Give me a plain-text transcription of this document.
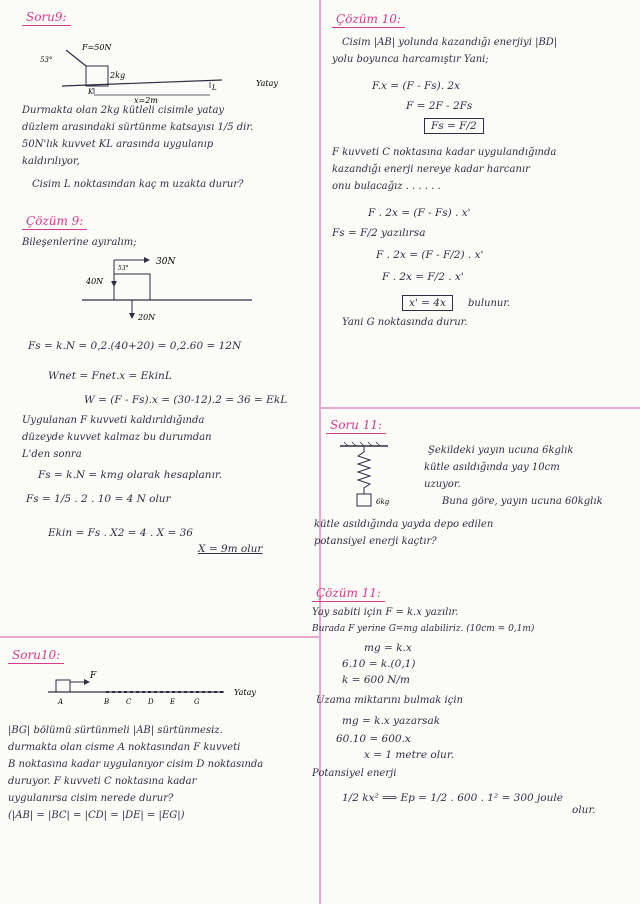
Soru9:
F=50N
53°
2kg
K	L
x=2m
Yatay
Durmakta olan 2kg kütleli cisimle yatay
düzlem arasındaki sürtünme katsayısı 1/5 dir.
50N'lık kuvvet KL arasında uygulanıp
kaldırılıyor,
Cisim L noktasından kaç m uzakta durur?
Çözüm 9:
Bileşenlerine ayıralım;
30N
40N
53°
20N
Fs = k.N = 0,2.(40+20) = 0,2.60 = 12N
Wnet = Fnet.x = EkinL
W = (F - Fs).x = (30-12).2 = 36 = EkL
Uygulanan F kuvveti kaldırıldığında
düzeyde kuvvet kalmaz bu durumdan
L'den sonra
Fs = k.N = kmg olarak hesaplanır.
Fs = 1/5 . 2 . 10 = 4 N olur
Ekin = Fs . X2 = 4 . X = 36
X = 9m olur
Soru10:
F
A	B C D E	G
Yatay
|BG| bölümü sürtünmeli |AB| sürtünmesiz.
durmakta olan cisme A noktasından F kuvveti
B noktasına kadar uygulanıyor cisim D noktasında
duruyor. F kuvveti C noktasına kadar
uygulanırsa cisim nerede durur?
(|AB| = |BC| = |CD| = |DE| = |EG|)
Çözüm 10:
Cisim |AB| yolunda kazandığı enerjiyi |BD|
yolu boyunca harcamıştır Yani;
F.x = (F - Fs). 2x
F = 2F - 2Fs
Fs = F/2
F kuvveti C noktasına kadar uygulandığında
kazandığı enerji nereye kadar harcanır
onu bulacağız . . . . . .
F . 2x = (F - Fs) . x'
Fs = F/2 yazılırsa
F . 2x = (F - F/2) . x'
F . 2x = F/2 . x'
x' = 4x bulunur.
Yani G noktasında durur.
Soru 11:
6kg
Şekildeki yayın ucuna 6kglık
kütle asıldığında yay 10cm
uzuyor.
Buna göre, yayın ucuna 60kglık
kütle asıldığında yayda depo edilen
potansiyel enerji kaçtır?
Çözüm 11:
Yay sabiti için F = k.x yazılır.
Burada F yerine G=mg alabiliriz. (10cm = 0,1m)
mg = k.x
6.10 = k.(0,1)
k = 600 N/m
Uzama miktarını bulmak için
mg = k.x yazarsak
60.10 = 600.x
x = 1 metre olur.
Potansiyel enerji
1/2 kx² ⟹ Ep = 1/2 . 600 . 1² = 300 joule
olur.
